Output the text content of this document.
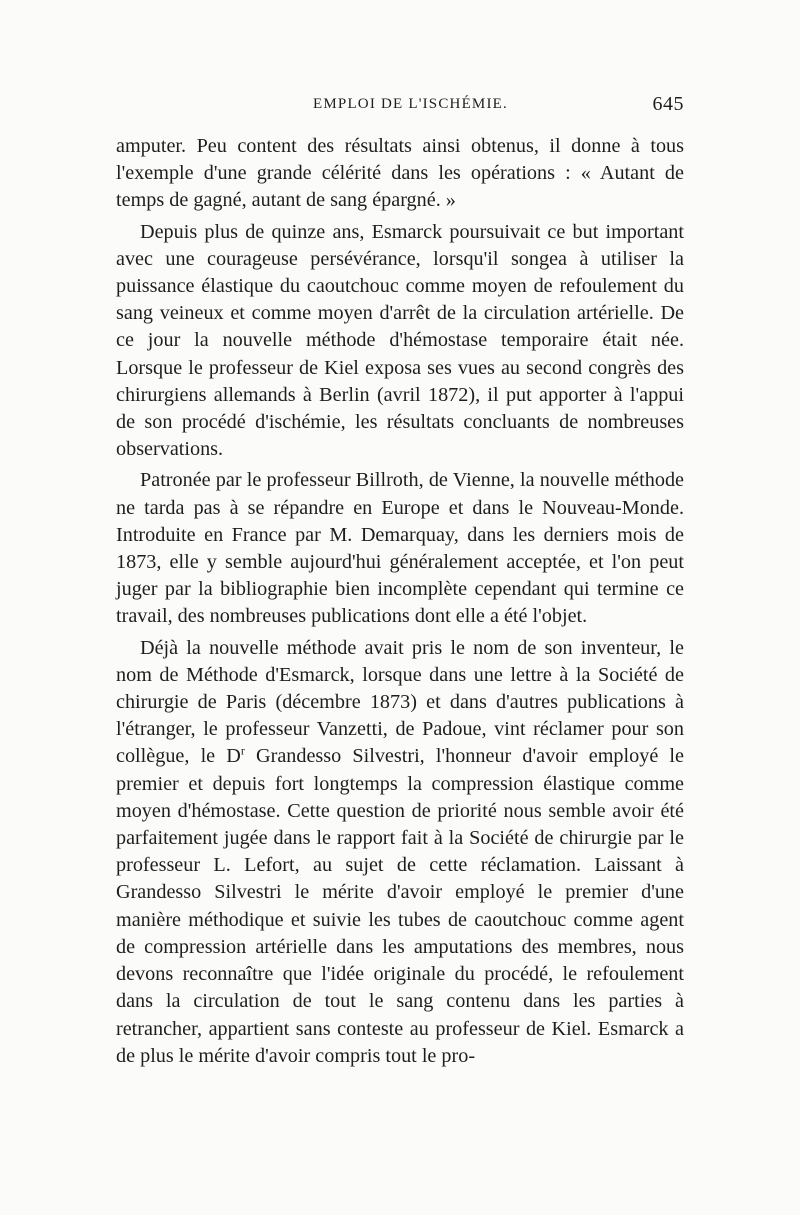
EMPLOI DE L'ISCHÉMIE.	645

amputer. Peu content des résultats ainsi obtenus, il donne à tous l'exemple d'une grande célérité dans les opérations : « Autant de temps de gagné, autant de sang épargné. »

Depuis plus de quinze ans, Esmarck poursuivait ce but important avec une courageuse persévérance, lorsqu'il songea à utiliser la puissance élastique du caoutchouc comme moyen de refoulement du sang veineux et comme moyen d'arrêt de la circulation artérielle. De ce jour la nouvelle méthode d'hémostase temporaire était née. Lorsque le professeur de Kiel exposa ses vues au second congrès des chirurgiens allemands à Berlin (avril 1872), il put apporter à l'appui de son procédé d'ischémie, les résultats concluants de nombreuses observations.

Patronée par le professeur Billroth, de Vienne, la nouvelle méthode ne tarda pas à se répandre en Europe et dans le Nouveau-Monde. Introduite en France par M. Demarquay, dans les derniers mois de 1873, elle y semble aujourd'hui généralement acceptée, et l'on peut juger par la bibliographie bien incomplète cependant qui termine ce travail, des nombreuses publications dont elle a été l'objet.

Déjà la nouvelle méthode avait pris le nom de son inventeur, le nom de Méthode d'Esmarck, lorsque dans une lettre à la Société de chirurgie de Paris (décembre 1873) et dans d'autres publications à l'étranger, le professeur Vanzetti, de Padoue, vint réclamer pour son collègue, le $D^r$ Grandesso Silvestri, l'honneur d'avoir employé le premier et depuis fort longtemps la compression élastique comme moyen d'hémostase. Cette question de priorité nous semble avoir été parfaitement jugée dans le rapport fait à la Société de chirurgie par le professeur L. Lefort, au sujet de cette réclamation. Laissant à Grandesso Silvestri le mérite d'avoir employé le premier d'une manière méthodique et suivie les tubes de caoutchouc comme agent de compression artérielle dans les amputations des membres, nous devons reconnaître que l'idée originale du procédé, le refoulement dans la circulation de tout le sang contenu dans les parties à retrancher, appartient sans conteste au professeur de Kiel. Esmarck a de plus le mérite d'avoir compris tout le pro-
